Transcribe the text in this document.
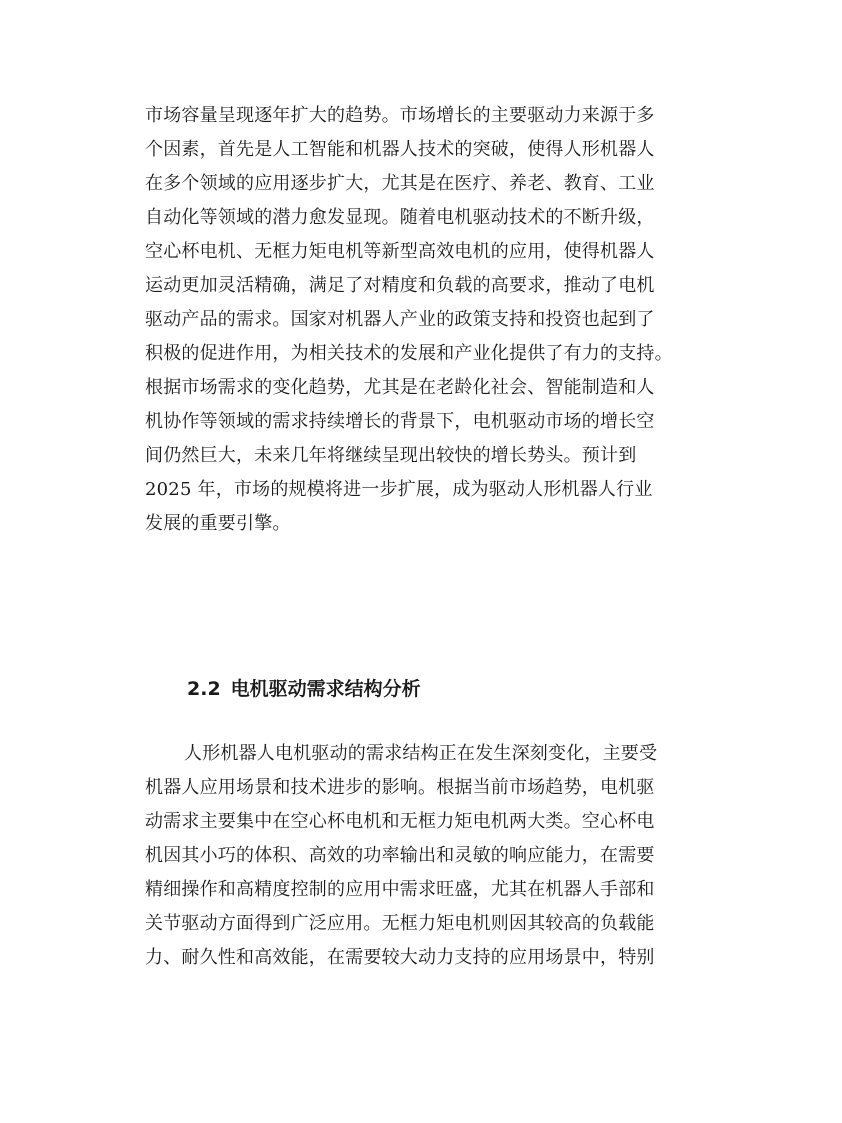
市场容量呈现逐年扩大的趋势。市场增长的主要驱动力来源于多
个因素，首先是人工智能和机器人技术的突破，使得人形机器人
在多个领域的应用逐步扩大，尤其是在医疗、养老、教育、工业
自动化等领域的潜力愈发显现。随着电机驱动技术的不断升级，
空心杯电机、无框力矩电机等新型高效电机的应用，使得机器人
运动更加灵活精确，满足了对精度和负载的高要求，推动了电机
驱动产品的需求。国家对机器人产业的政策支持和投资也起到了
积极的促进作用，为相关技术的发展和产业化提供了有力的支持。
根据市场需求的变化趋势，尤其是在老龄化社会、智能制造和人
机协作等领域的需求持续增长的背景下，电机驱动市场的增长空
间仍然巨大，未来几年将继续呈现出较快的增长势头。预计到
2025 年，市场的规模将进一步扩展，成为驱动人形机器人行业
发展的重要引擎。
2.2 电机驱动需求结构分析
人形机器人电机驱动的需求结构正在发生深刻变化，主要受
机器人应用场景和技术进步的影响。根据当前市场趋势，电机驱
动需求主要集中在空心杯电机和无框力矩电机两大类。空心杯电
机因其小巧的体积、高效的功率输出和灵敏的响应能力，在需要
精细操作和高精度控制的应用中需求旺盛，尤其在机器人手部和
关节驱动方面得到广泛应用。无框力矩电机则因其较高的负载能
力、耐久性和高效能，在需要较大动力支持的应用场景中，特别
